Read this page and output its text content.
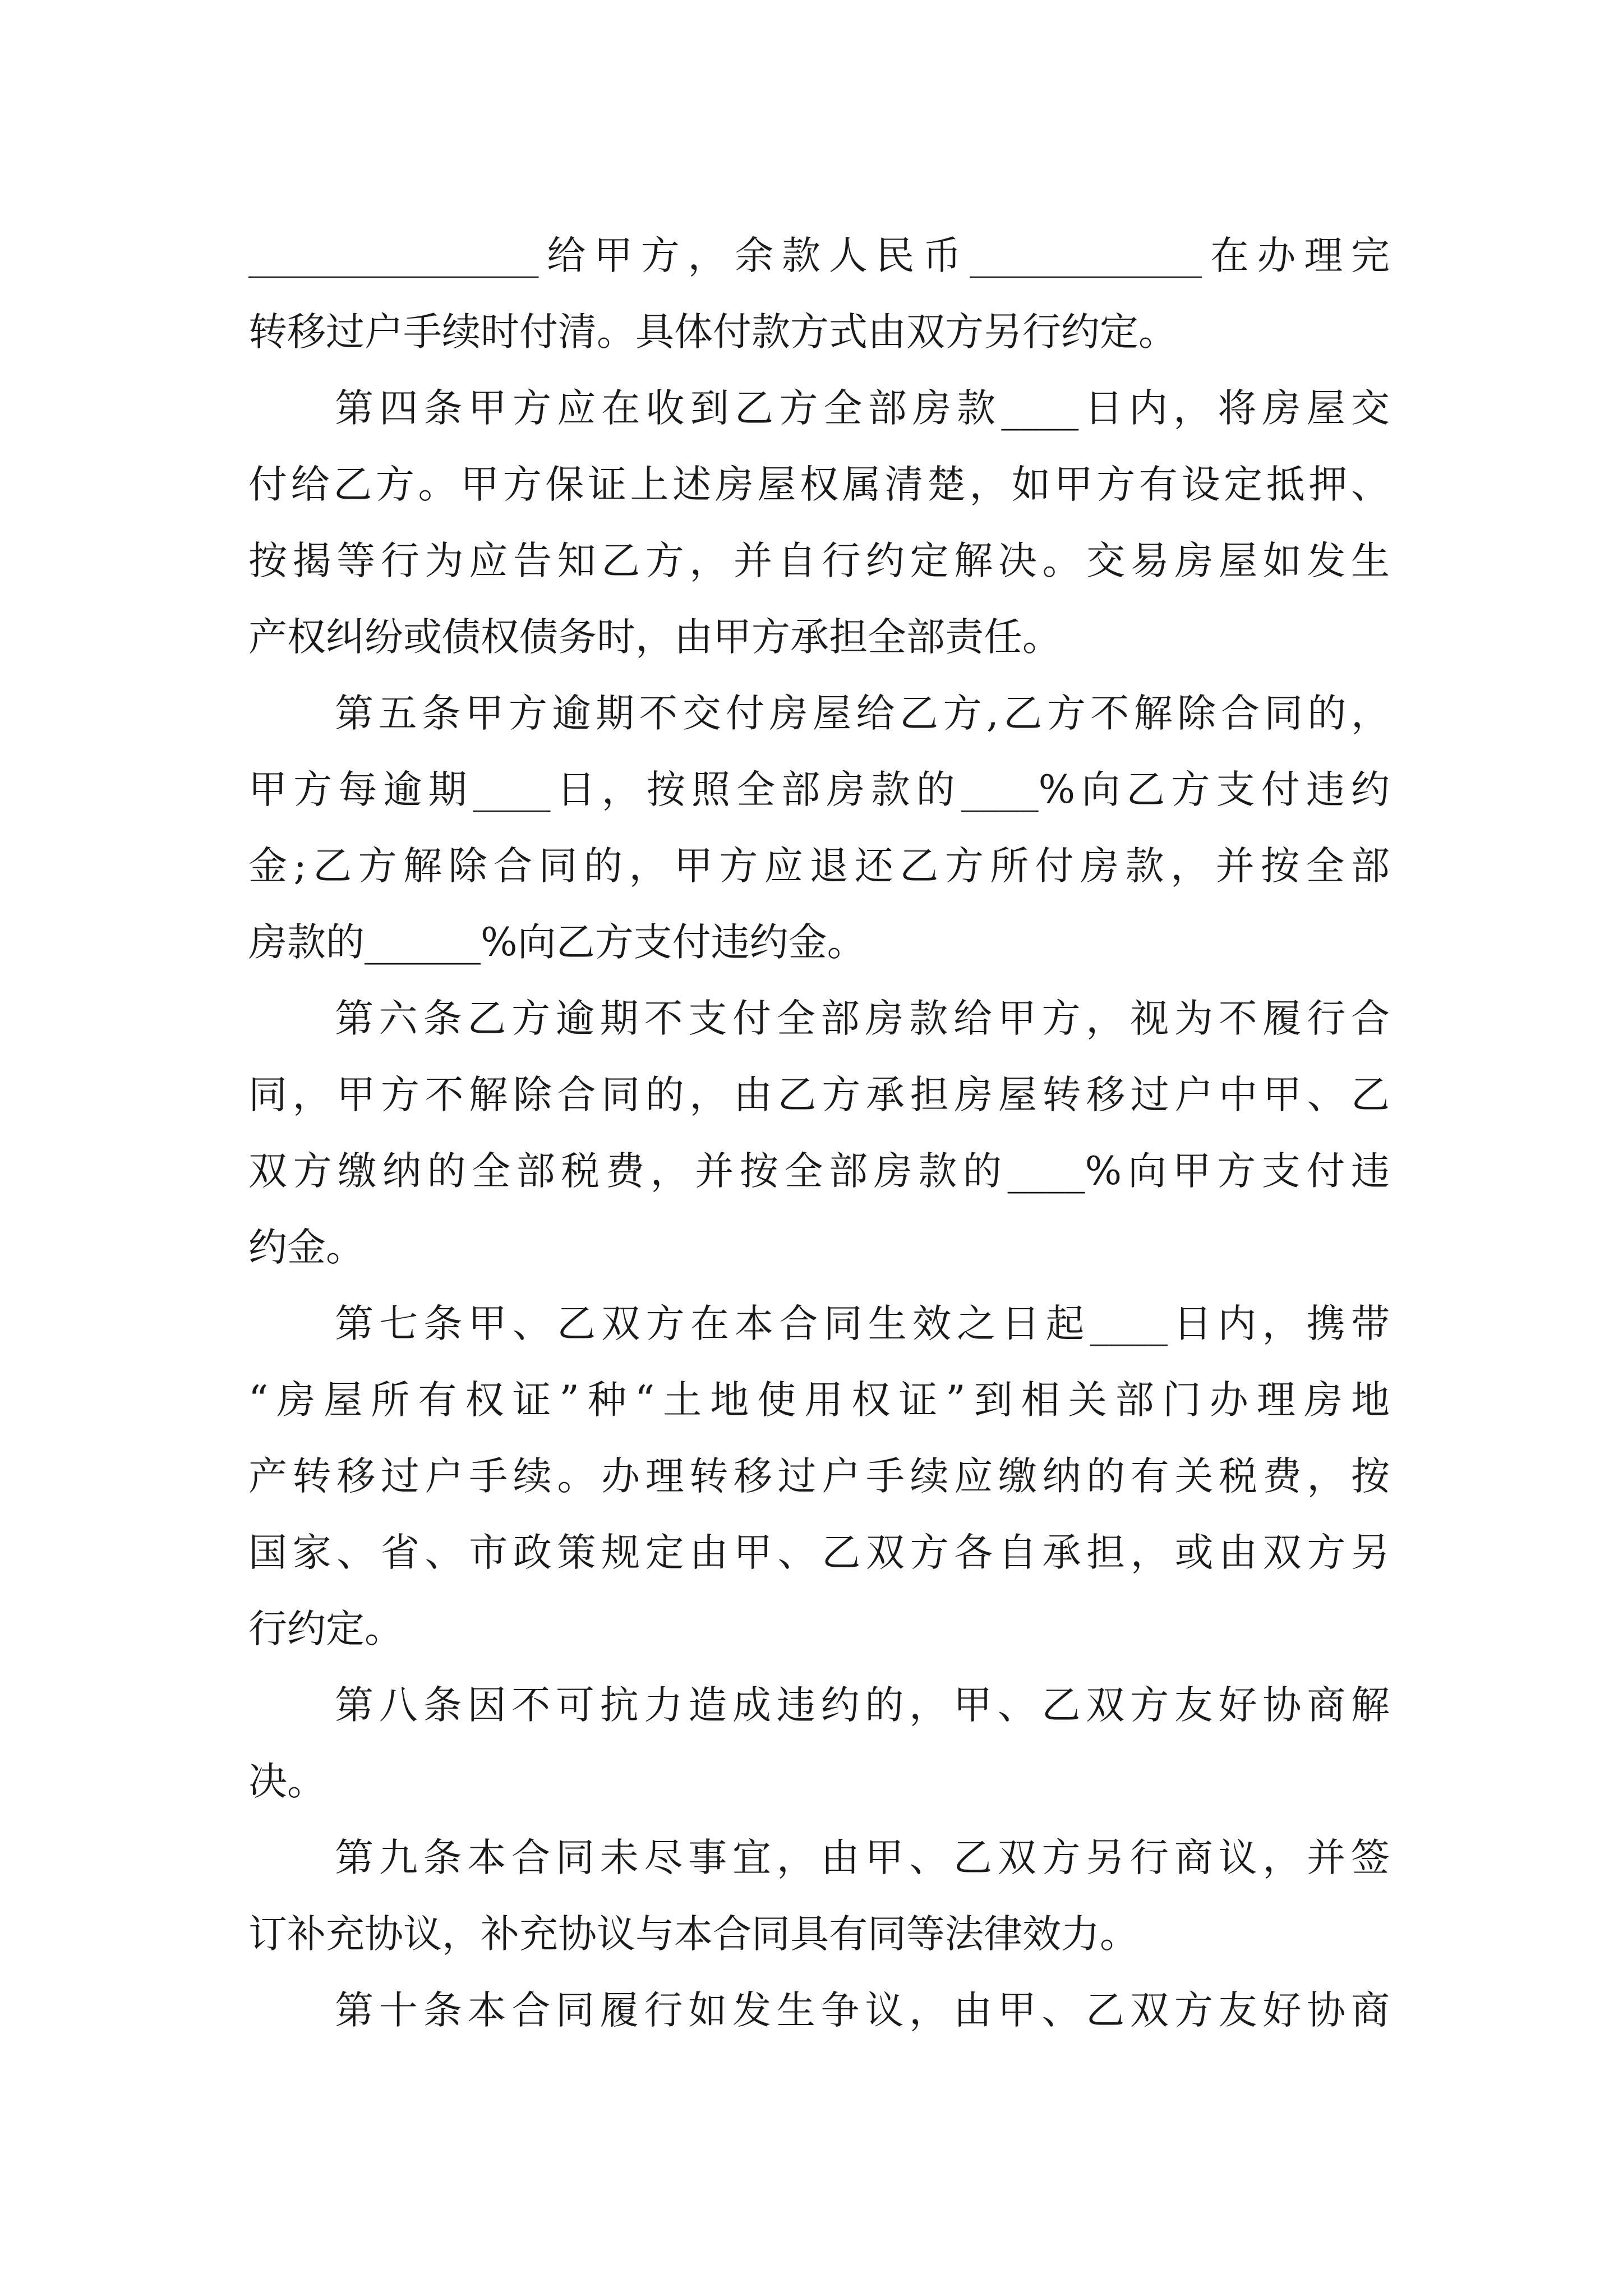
_______________给甲方，余款人民币____________在办理完
转移过户手续时付清。具体付款方式由双方另行约定。
第四条甲方应在收到乙方全部房款____日内，将房屋交
付给乙方。甲方保证上述房屋权属清楚，如甲方有设定抵押、
按揭等行为应告知乙方，并自行约定解决。交易房屋如发生
产权纠纷或债权债务时，由甲方承担全部责任。
第五条甲方逾期不交付房屋给乙方,乙方不解除合同的，
甲方每逾期____日，按照全部房款的____%向乙方支付违约
金;乙方解除合同的，甲方应退还乙方所付房款，并按全部
房款的______%向乙方支付违约金。
第六条乙方逾期不支付全部房款给甲方，视为不履行合
同，甲方不解除合同的，由乙方承担房屋转移过户中甲、乙
双方缴纳的全部税费，并按全部房款的____%向甲方支付违
约金。
第七条甲、乙双方在本合同生效之日起____日内，携带
“房屋所有权证”种“土地使用权证”到相关部门办理房地
产转移过户手续。办理转移过户手续应缴纳的有关税费，按
国家、省、市政策规定由甲、乙双方各自承担，或由双方另
行约定。
第八条因不可抗力造成违约的，甲、乙双方友好协商解
决。
第九条本合同未尽事宜，由甲、乙双方另行商议，并签
订补充协议，补充协议与本合同具有同等法律效力。
第十条本合同履行如发生争议，由甲、乙双方友好协商
